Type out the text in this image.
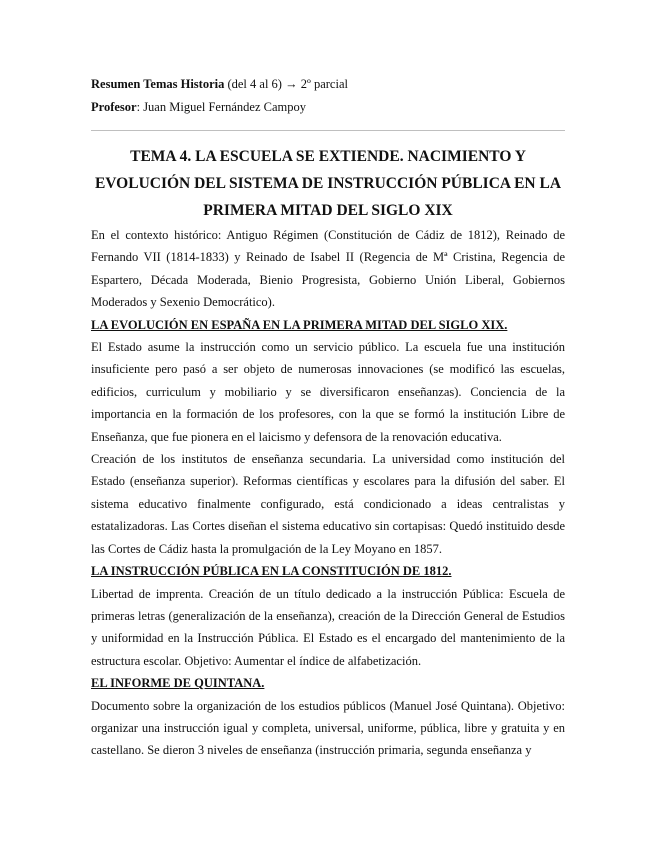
Resumen Temas Historia (del 4 al 6) → 2º parcial
Profesor: Juan Miguel Fernández Campoy
TEMA 4. LA ESCUELA SE EXTIENDE. NACIMIENTO Y
EVOLUCIÓN DEL SISTEMA DE INSTRUCCIÓN PÚBLICA EN LA
PRIMERA MITAD DEL SIGLO XIX

En el contexto histórico: Antiguo Régimen (Constitución de Cádiz de 1812), Reinado de Fernando VII (1814-1833) y Reinado de Isabel II (Regencia de Mª Cristina, Regencia de Espartero, Década Moderada, Bienio Progresista, Gobierno Unión Liberal, Gobiernos Moderados y Sexenio Democrático).

LA EVOLUCIÓN EN ESPAÑA EN LA PRIMERA MITAD DEL SIGLO XIX.

El Estado asume la instrucción como un servicio público. La escuela fue una institución insuficiente pero pasó a ser objeto de numerosas innovaciones (se modificó las escuelas, edificios, curriculum y mobiliario y se diversificaron enseñanzas). Conciencia de la importancia en la formación de los profesores, con la que se formó la institución Libre de Enseñanza, que fue pionera en el laicismo y defensora de la renovación educativa.

Creación de los institutos de enseñanza secundaria. La universidad como institución del Estado (enseñanza superior). Reformas científicas y escolares para la difusión del saber. El sistema educativo finalmente configurado, está condicionado a ideas centralistas y estatalizadoras. Las Cortes diseñan el sistema educativo sin cortapisas: Quedó instituido desde las Cortes de Cádiz hasta la promulgación de la Ley Moyano en 1857.

LA INSTRUCCIÓN PÚBLICA EN LA CONSTITUCIÓN DE 1812.

Libertad de imprenta. Creación de un título dedicado a la instrucción Pública: Escuela de primeras letras (generalización de la enseñanza), creación de la Dirección General de Estudios y uniformidad en la Instrucción Pública. El Estado es el encargado del mantenimiento de la estructura escolar. Objetivo: Aumentar el índice de alfabetización.

EL INFORME DE QUINTANA.

Documento sobre la organización de los estudios públicos (Manuel José Quintana). Objetivo: organizar una instrucción igual y completa, universal, uniforme, pública, libre y gratuita y en castellano. Se dieron 3 niveles de enseñanza (instrucción primaria, segunda enseñanza y
